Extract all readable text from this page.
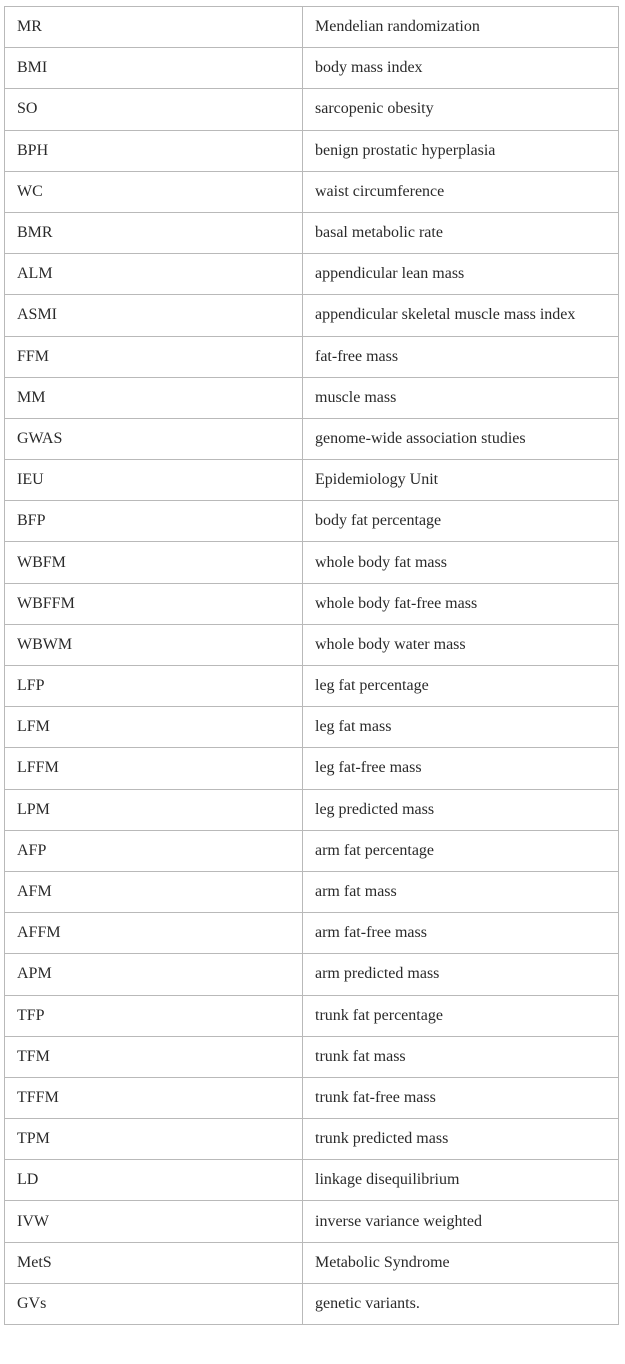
MR	Mendelian randomization
BMI	body mass index
SO	sarcopenic obesity
BPH	benign prostatic hyperplasia
WC	waist circumference
BMR	basal metabolic rate
ALM	appendicular lean mass
ASMI	appendicular skeletal muscle mass index
FFM	fat-free mass
MM	muscle mass
GWAS	genome-wide association studies
IEU	Epidemiology Unit
BFP	body fat percentage
WBFM	whole body fat mass
WBFFM	whole body fat-free mass
WBWM	whole body water mass
LFP	leg fat percentage
LFM	leg fat mass
LFFM	leg fat-free mass
LPM	leg predicted mass
AFP	arm fat percentage
AFM	arm fat mass
AFFM	arm fat-free mass
APM	arm predicted mass
TFP	trunk fat percentage
TFM	trunk fat mass
TFFM	trunk fat-free mass
TPM	trunk predicted mass
LD	linkage disequilibrium
IVW	inverse variance weighted
MetS	Metabolic Syndrome
GVs	genetic variants.
